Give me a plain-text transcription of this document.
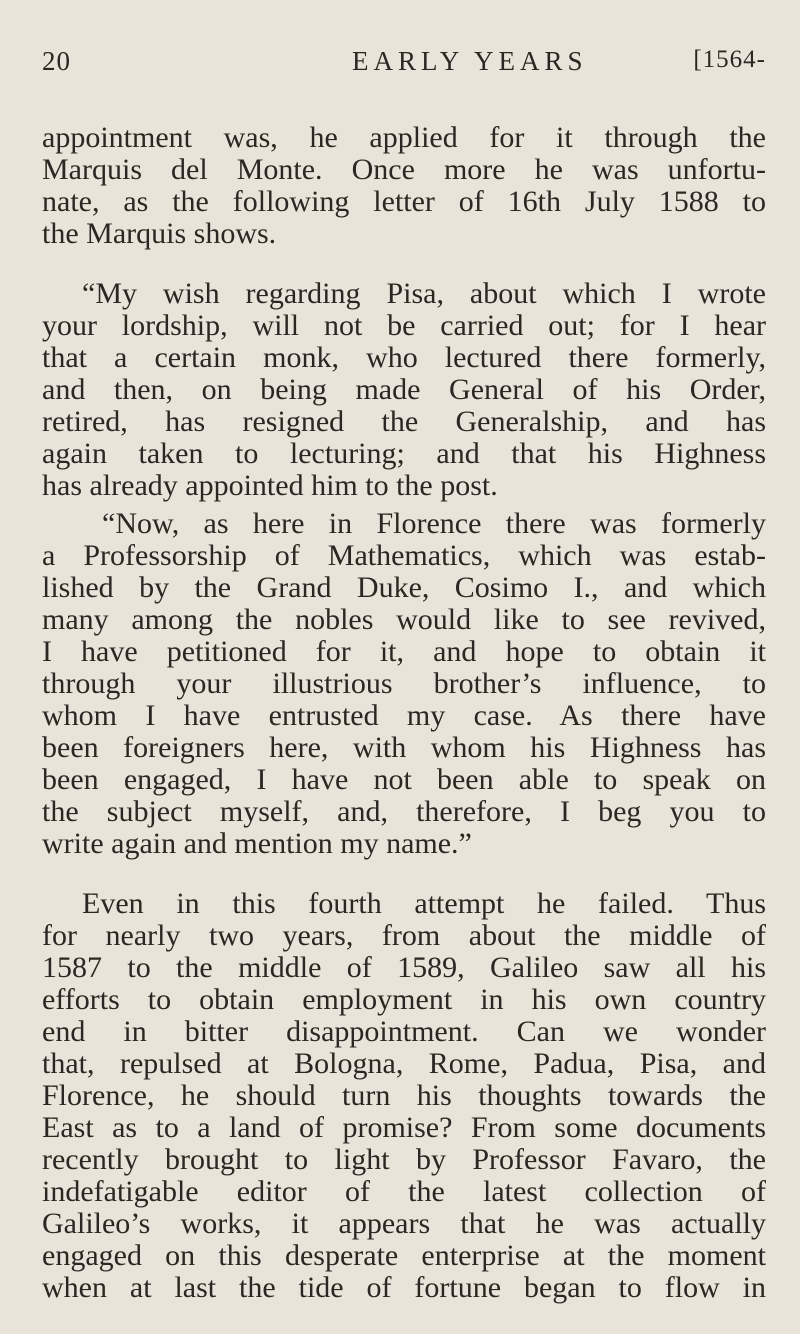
20	EARLY YEARS	[1564-
appointment was, he applied for it through the
Marquis del Monte. Once more he was unfortu-
nate, as the following letter of 16th July 1588 to
the Marquis shows.
“My wish regarding Pisa, about which I wrote
your lordship, will not be carried out; for I hear
that a certain monk, who lectured there formerly,
and then, on being made General of his Order,
retired, has resigned the Generalship, and has
again taken to lecturing; and that his Highness
has already appointed him to the post.
“Now, as here in Florence there was formerly
a Professorship of Mathematics, which was estab-
lished by the Grand Duke, Cosimo I., and which
many among the nobles would like to see revived,
I have petitioned for it, and hope to obtain it
through your illustrious brother’s influence, to
whom I have entrusted my case. As there have
been foreigners here, with whom his Highness has
been engaged, I have not been able to speak on
the subject myself, and, therefore, I beg you to
write again and mention my name.”
Even in this fourth attempt he failed. Thus
for nearly two years, from about the middle of
1587 to the middle of 1589, Galileo saw all his
efforts to obtain employment in his own country
end in bitter disappointment. Can we wonder
that, repulsed at Bologna, Rome, Padua, Pisa, and
Florence, he should turn his thoughts towards the
East as to a land of promise? From some documents
recently brought to light by Professor Favaro, the
indefatigable editor of the latest collection of
Galileo’s works, it appears that he was actually
engaged on this desperate enterprise at the moment
when at last the tide of fortune began to flow in
